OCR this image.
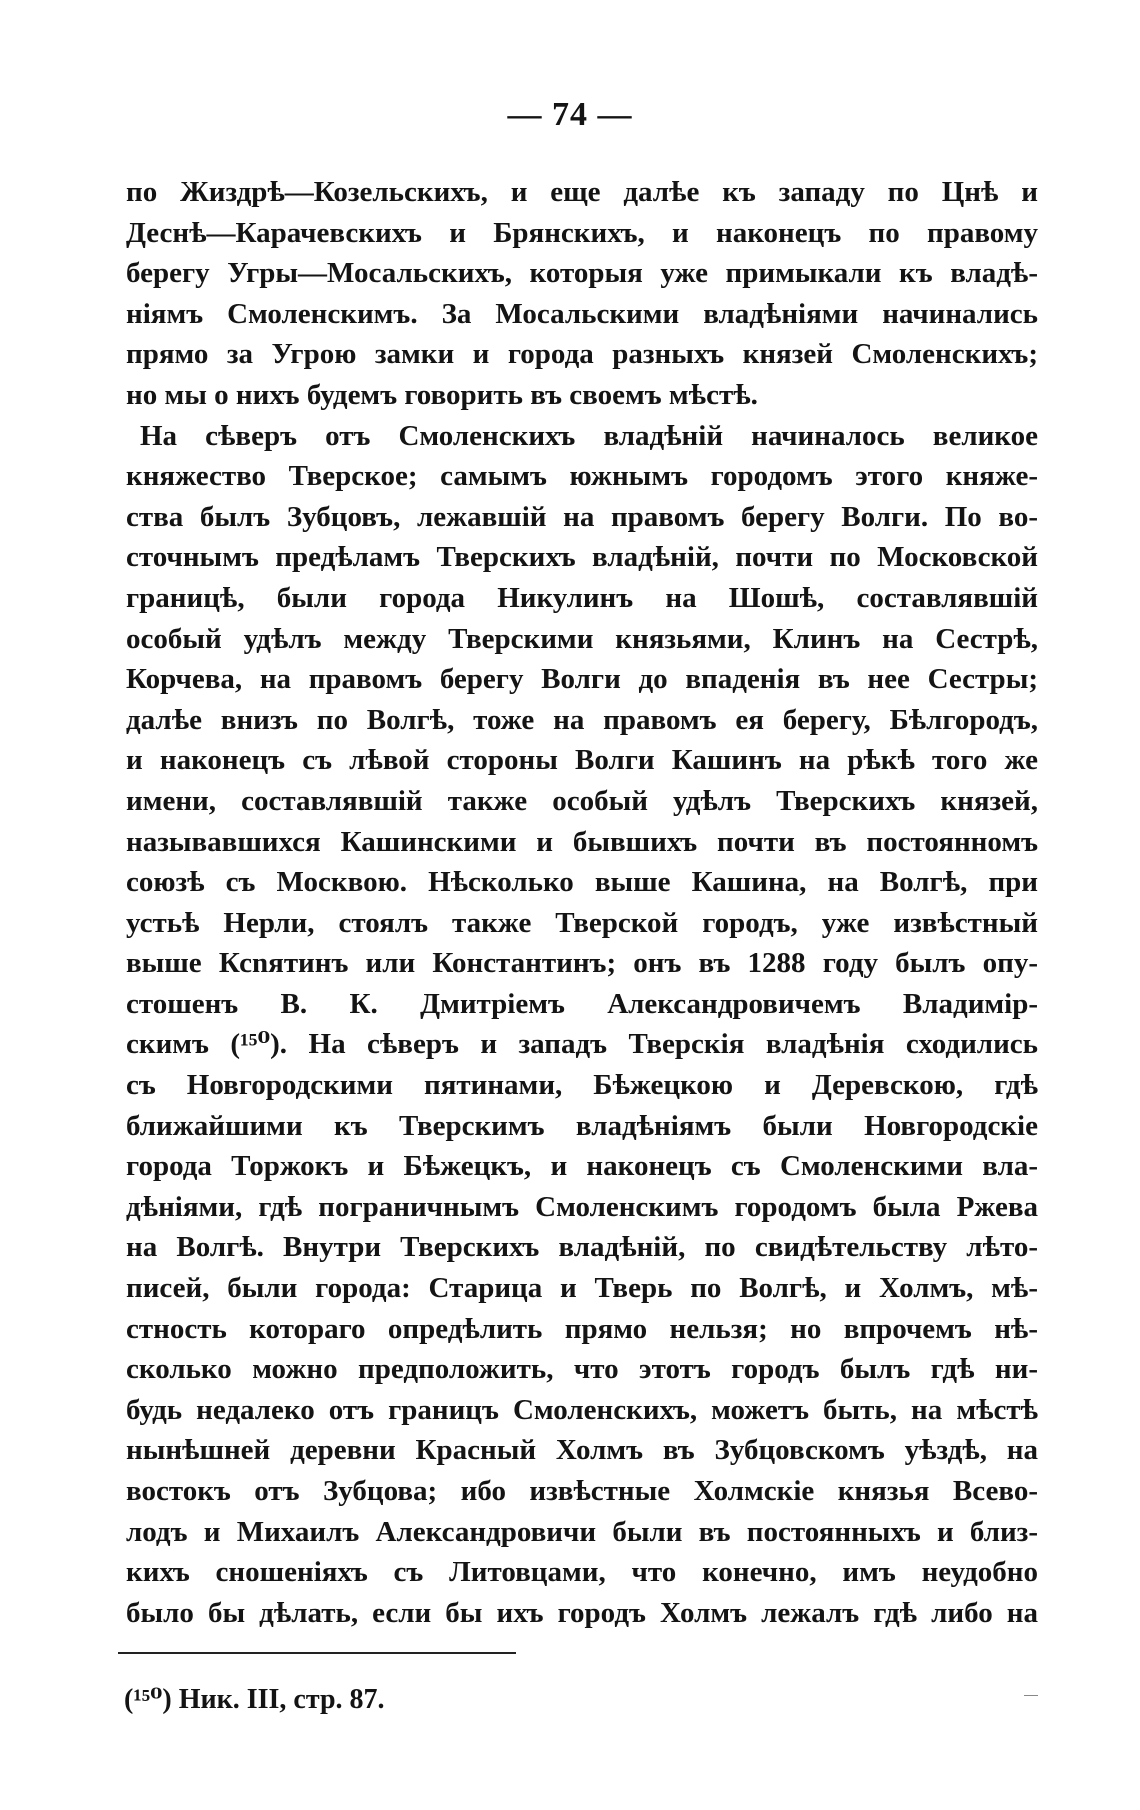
— 74 —
по Жиздрѣ—Козельскихъ, и еще далѣе къ западу по Цнѣ и
Деснѣ—Карачевскихъ и Брянскихъ, и наконецъ по правому
берегу Угры—Мосальскихъ, которыя уже примыкали къ владѣ-
ніямъ Смоленскимъ. За Мосальскими владѣніями начинались
прямо за Угрою замки и города разныхъ князей Смоленскихъ;
но мы о нихъ будемъ говорить въ своемъ мѣстѣ.
На сѣверъ отъ Смоленскихъ владѣній начиналось великое
княжество Тверское; самымъ южнымъ городомъ этого княже-
ства былъ Зубцовъ, лежавшій на правомъ берегу Волги. По во-
сточнымъ предѣламъ Тверскихъ владѣній, почти по Московской
границѣ, были города Никулинъ на Шошѣ, составлявшій
особый удѣлъ между Тверскими князьями, Клинъ на Сестрѣ,
Корчева, на правомъ берегу Волги до впаденія въ нее Сестры;
далѣе внизъ по Волгѣ, тоже на правомъ ея берегу, Бѣлгородъ,
и наконецъ съ лѣвой стороны Волги Кашинъ на рѣкѣ того же
имени, составлявшій также особый удѣлъ Тверскихъ князей,
называвшихся Кашинскими и бывшихъ почти въ постоянномъ
союзѣ съ Москвою. Нѣсколько выше Кашина, на Волгѣ, при
устьѣ Нерли, стоялъ также Тверской городъ, уже извѣстный
выше Ксnятинъ или Константинъ; онъ въ 1288 году былъ опу-
стошенъ В. К. Дмитріемъ Александровичемъ Владимір-
скимъ (¹⁵⁰). На сѣверъ и западъ Тверскія владѣнія сходились
съ Новгородскими пятинами, Бѣжецкою и Деревскою, гдѣ
ближайшими къ Тверскимъ владѣніямъ были Новгородскіе
города Торжокъ и Бѣжецкъ, и наконецъ съ Смоленскими вла-
дѣніями, гдѣ пограничнымъ Смоленскимъ городомъ была Ржева
на Волгѣ. Внутри Тверскихъ владѣній, по свидѣтельству лѣто-
писей, были города: Старица и Тверь по Волгѣ, и Холмъ, мѣ-
стность котораго опредѣлить прямо нельзя; но впрочемъ нѣ-
сколько можно предположить, что этотъ городъ былъ гдѣ ни-
будь недалеко отъ границъ Смоленскихъ, можетъ быть, на мѣстѣ
нынѣшней деревни Красный Холмъ въ Зубцовскомъ уѣздѣ, на
востокъ отъ Зубцова; ибо извѣстные Холмскіе князья Всево-
лодъ и Михаилъ Александровичи были въ постоянныхъ и близ-
кихъ сношеніяхъ съ Литовцами, что конечно, имъ неудобно
было бы дѣлать, если бы ихъ городъ Холмъ лежалъ гдѣ либо на
(¹⁵⁰) Ник. III, стр. 87.
